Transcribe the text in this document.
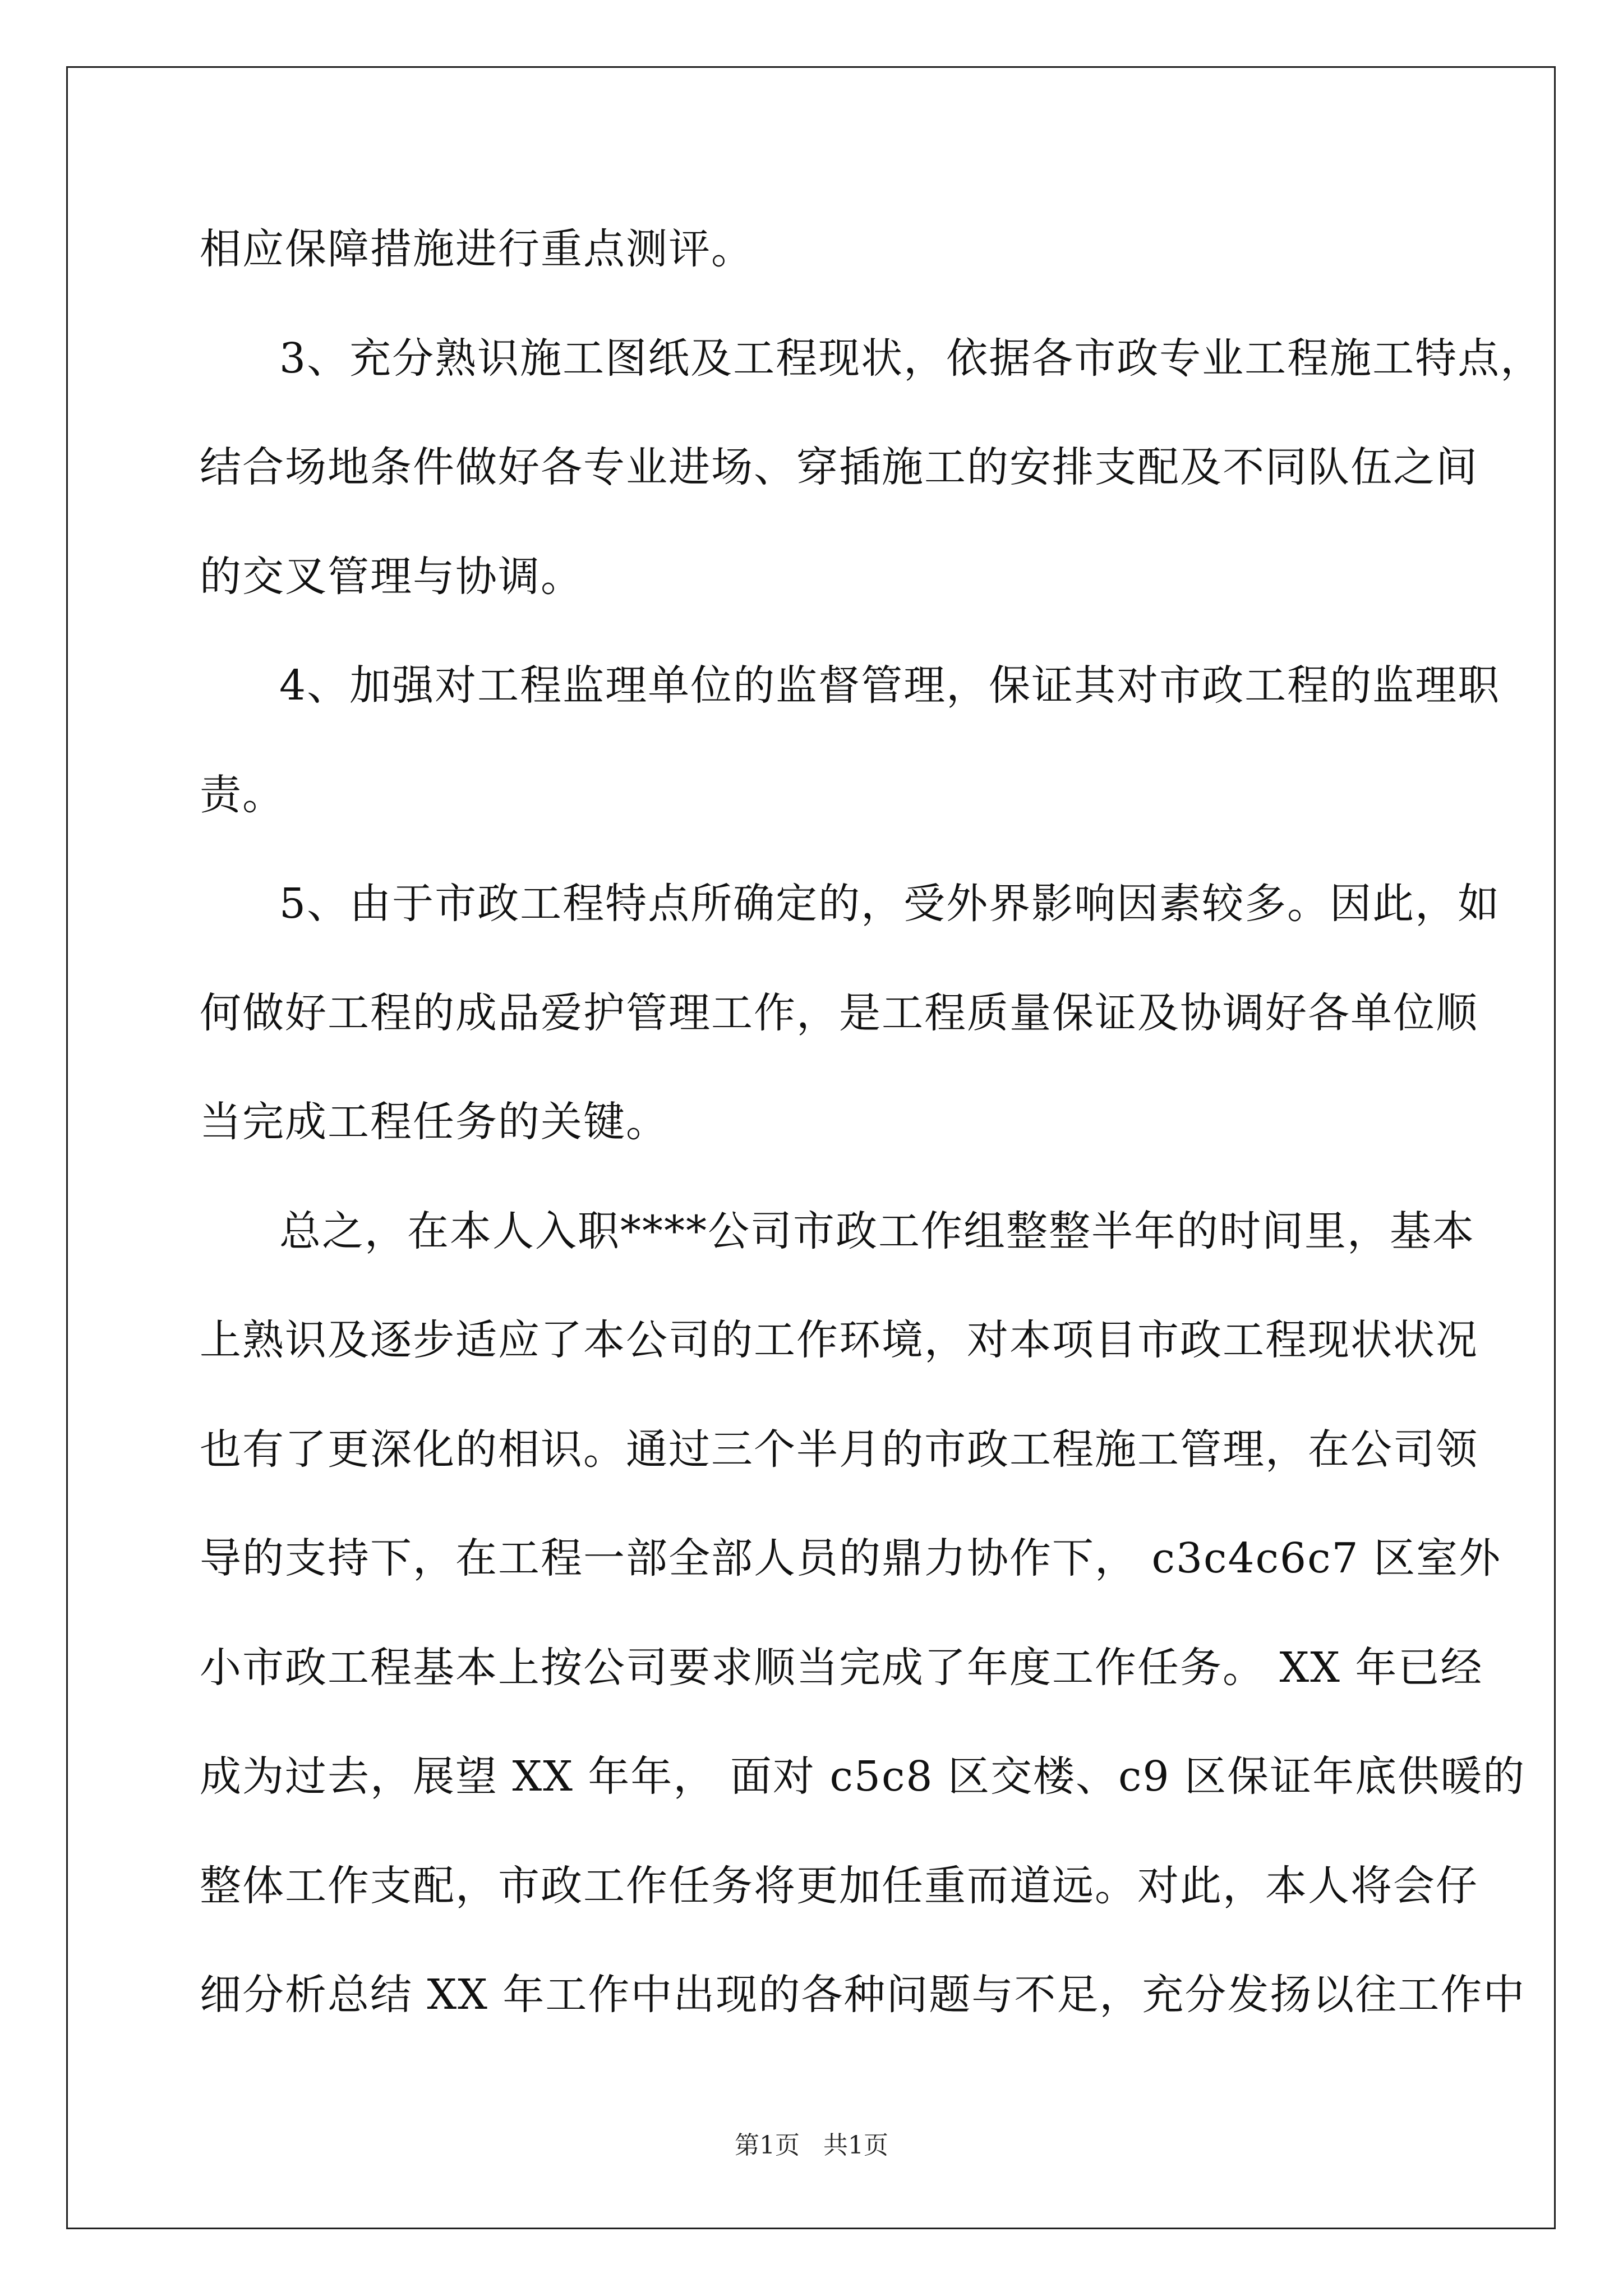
相应保障措施进行重点测评。
3、充分熟识施工图纸及工程现状，依据各市政专业工程施工特点，
结合场地条件做好各专业进场、穿插施工的安排支配及不同队伍之间
的交叉管理与协调。
4、加强对工程监理单位的监督管理，保证其对市政工程的监理职
责。
5、由于市政工程特点所确定的，受外界影响因素较多。因此，如
何做好工程的成品爱护管理工作，是工程质量保证及协调好各单位顺
当完成工程任务的关键。
总之，在本人入职****公司市政工作组整整半年的时间里，基本
上熟识及逐步适应了本公司的工作环境，对本项目市政工程现状状况
也有了更深化的相识。通过三个半月的市政工程施工管理，在公司领
导的支持下，在工程一部全部人员的鼎力协作下， c3c4c6c7 区室外
小市政工程基本上按公司要求顺当完成了年度工作任务。 XX 年已经
成为过去，展望 XX 年年， 面对 c5c8 区交楼、c9 区保证年底供暖的
整体工作支配，市政工作任务将更加任重而道远。对此，本人将会仔
细分析总结 XX 年工作中出现的各种问题与不足，充分发扬以往工作中
第1页   共1页
